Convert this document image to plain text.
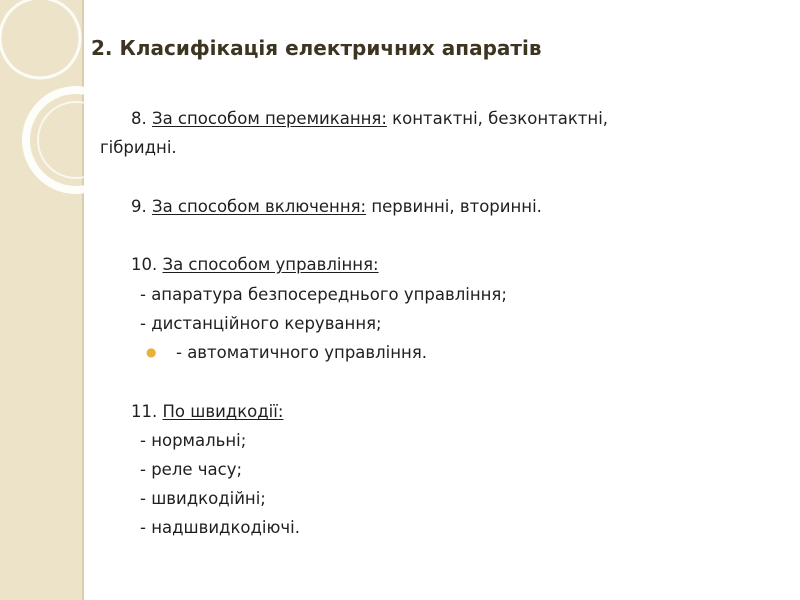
2. Класифікація електричних апаратів
8. За способом перемикання: контактні, безконтактні,
гібридні.
9. За способом включення: первинні, вторинні.
10. За способом управління:
- апаратура безпосереднього управління;
- дистанційного керування;
● - автоматичного управління.
11. По швидкодії:
- нормальні;
- реле часу;
- швидкодійні;
- надшвидкодіючі.
